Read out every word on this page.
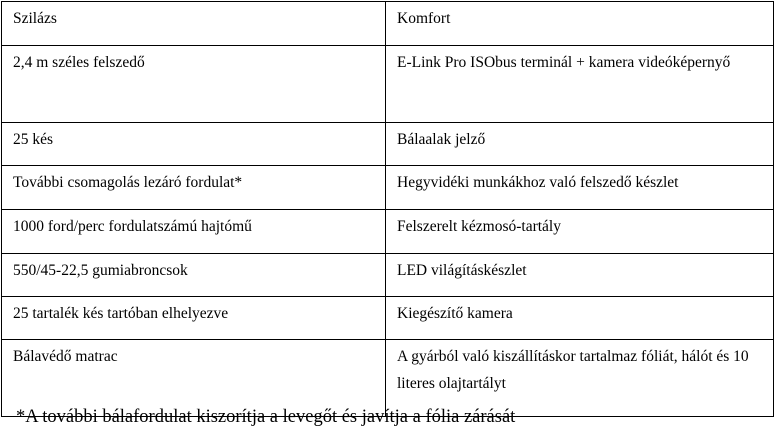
Szilázs	Komfort
2,4 m széles felszedő	E-Link Pro ISObus terminál + kamera videóképernyő
25 kés	Bálaalak jelző
További csomagolás lezáró fordulat*	Hegyvidéki munkákhoz való felszedő készlet
1000 ford/perc fordulatszámú hajtómű	Felszerelt kézmosó-tartály
550/45-22,5 gumiabroncsok	LED világításkészlet
25 tartalék kés tartóban elhelyezve	Kiegészítő kamera
Bálavédő matrac	A gyárból való kiszállításkor tartalmaz fóliát, hálót és 10 literes olajtartályt
*A további bálafordulat kiszorítja a levegőt és javítja a fólia zárását
